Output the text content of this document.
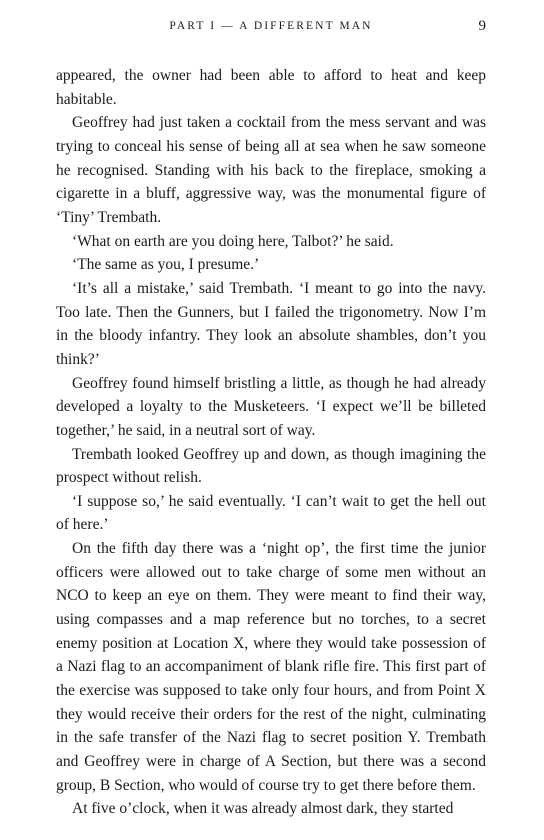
PART I — A DIFFERENT MAN	9

appeared, the owner had been able to afford to heat and keep habitable.

Geoffrey had just taken a cocktail from the mess servant and was trying to conceal his sense of being all at sea when he saw someone he recognised. Standing with his back to the fireplace, smoking a cigarette in a bluff, aggressive way, was the monumental figure of ‘Tiny’ Trembath.

‘What on earth are you doing here, Talbot?’ he said.

‘The same as you, I presume.’

‘It’s all a mistake,’ said Trembath. ‘I meant to go into the navy. Too late. Then the Gunners, but I failed the trigonometry. Now I’m in the bloody infantry. They look an absolute shambles, don’t you think?’

Geoffrey found himself bristling a little, as though he had already developed a loyalty to the Musketeers. ‘I expect we’ll be billeted together,’ he said, in a neutral sort of way.

Trembath looked Geoffrey up and down, as though imagining the prospect without relish.

‘I suppose so,’ he said eventually. ‘I can’t wait to get the hell out of here.’

On the fifth day there was a ‘night op’, the first time the junior officers were allowed out to take charge of some men without an NCO to keep an eye on them. They were meant to find their way, using compasses and a map reference but no torches, to a secret enemy position at Location X, where they would take possession of a Nazi flag to an accompaniment of blank rifle fire. This first part of the exercise was supposed to take only four hours, and from Point X they would receive their orders for the rest of the night, culminating in the safe transfer of the Nazi flag to secret position Y. Trembath and Geoffrey were in charge of A Section, but there was a second group, B Section, who would of course try to get there before them.

At five o’clock, when it was already almost dark, they started
